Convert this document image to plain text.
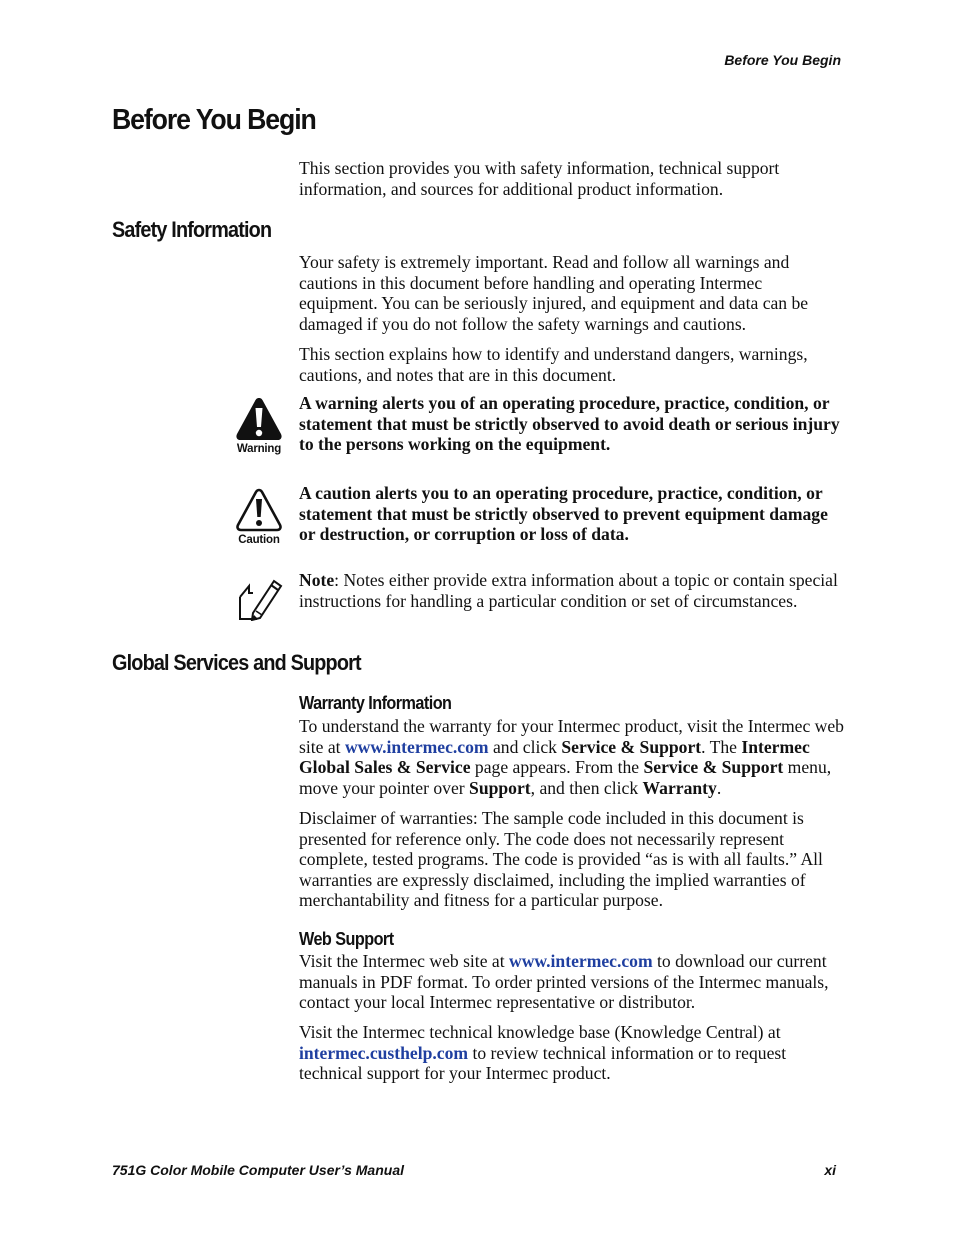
Before You Begin
Before You Begin

This section provides you with safety information, technical support information, and sources for additional product information.

Safety Information

Your safety is extremely important. Read and follow all warnings and cautions in this document before handling and operating Intermec equipment. You can be seriously injured, and equipment and data can be damaged if you do not follow the safety warnings and cautions.

This section explains how to identify and understand dangers, warnings, cautions, and notes that are in this document.

Warning

A warning alerts you of an operating procedure, practice, condition, or statement that must be strictly observed to avoid death or serious injury to the persons working on the equipment.

Caution

A caution alerts you to an operating procedure, practice, condition, or statement that must be strictly observed to prevent equipment damage or destruction, or corruption or loss of data.

Note: Notes either provide extra information about a topic or contain special instructions for handling a particular condition or set of circumstances.

Global Services and Support
Warranty Information

To understand the warranty for your Intermec product, visit the Intermec web site at www.intermec.com and click Service & Support. The Intermec Global Sales & Service page appears. From the Service & Support menu, move your pointer over Support, and then click Warranty.

Disclaimer of warranties: The sample code included in this document is presented for reference only. The code does not necessarily represent complete, tested programs. The code is provided “as is with all faults.” All warranties are expressly disclaimed, including the implied warranties of merchantability and fitness for a particular purpose.

Web Support

Visit the Intermec web site at www.intermec.com to download our current manuals in PDF format. To order printed versions of the Intermec manuals, contact your local Intermec representative or distributor.

Visit the Intermec technical knowledge base (Knowledge Central) at intermec.custhelp.com to review technical information or to request technical support for your Intermec product.

751G Color Mobile Computer User’s Manual	xi
